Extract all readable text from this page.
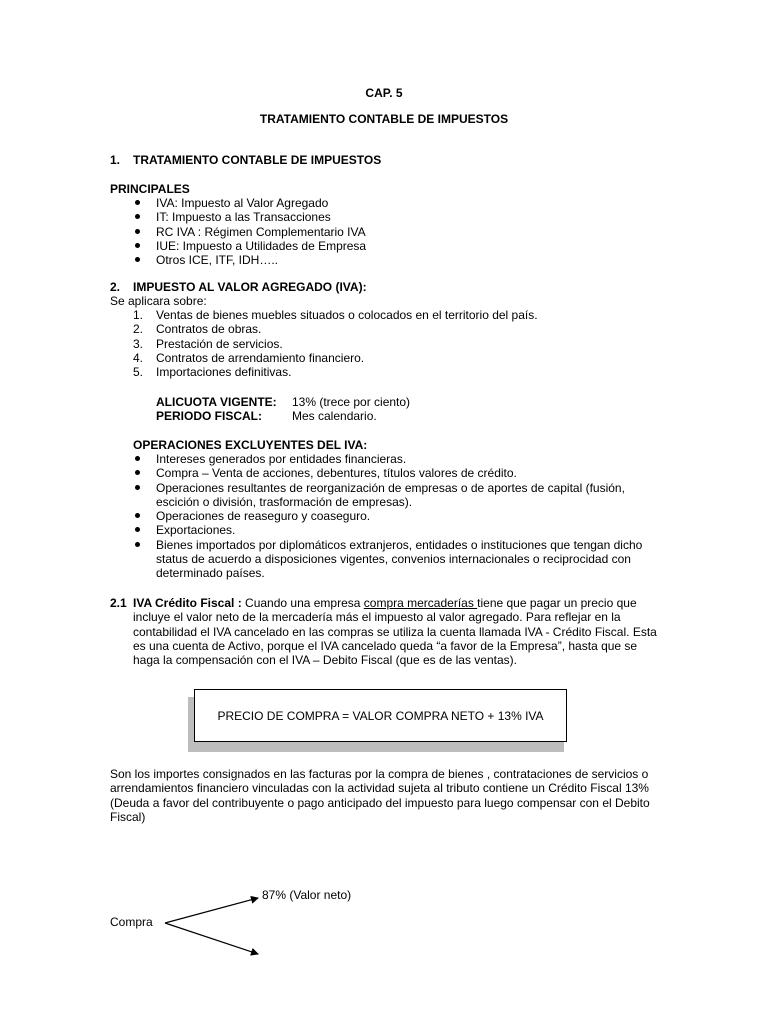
CAP. 5
TRATAMIENTO CONTABLE DE IMPUESTOS
1. TRATAMIENTO CONTABLE DE IMPUESTOS
PRINCIPALES
IVA: Impuesto al Valor Agregado
IT: Impuesto a las Transacciones
RC IVA : Régimen Complementario IVA
IUE: Impuesto a Utilidades de Empresa
Otros ICE, ITF, IDH…..
2. IMPUESTO AL VALOR AGREGADO (IVA):
Se aplicara sobre:
1. Ventas de bienes muebles situados o colocados en el territorio del país.
2. Contratos de obras.
3. Prestación de servicios.
4. Contratos de arrendamiento financiero.
5. Importaciones definitivas.
ALICUOTA VIGENTE: 13% (trece por ciento)
PERIODO FISCAL: Mes calendario.
OPERACIONES EXCLUYENTES DEL IVA:
Intereses generados por entidades financieras.
Compra – Venta de acciones, debentures, títulos valores de crédito.
Operaciones resultantes de reorganización de empresas o de aportes de capital (fusión, escición o división, trasformación de empresas).
Operaciones de reaseguro y coaseguro.
Exportaciones.
Bienes importados por diplomáticos extranjeros, entidades o instituciones que tengan dicho status de acuerdo a disposiciones vigentes, convenios internacionales o reciprocidad con determinado países.
2.1 IVA Crédito Fiscal : Cuando una empresa compra mercaderías tiene que pagar un precio que incluye el valor neto de la mercadería más el impuesto al valor agregado. Para reflejar en la contabilidad el IVA cancelado en las compras se utiliza la cuenta llamada IVA - Crédito Fiscal. Esta es una cuenta de Activo, porque el IVA cancelado queda “a favor de la Empresa”, hasta que se haga la compensación con el IVA – Debito Fiscal (que es de las ventas).
PRECIO DE COMPRA = VALOR COMPRA NETO + 13% IVA
Son los importes consignados en las facturas por la compra de bienes , contrataciones de servicios o arrendamientos financiero vinculadas con la actividad sujeta al tributo contiene un Crédito Fiscal 13% (Deuda a favor del contribuyente o pago anticipado del impuesto para luego compensar con el Debito Fiscal)
87% (Valor neto)
Compra
